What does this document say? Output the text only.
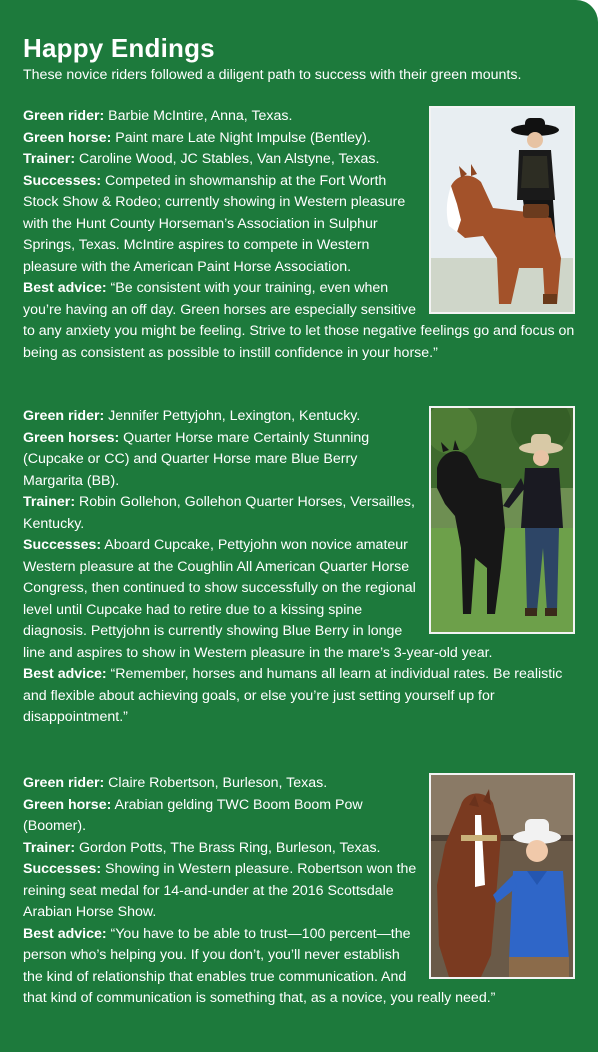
Happy Endings
These novice riders followed a diligent path to success with their green mounts.

Green rider: Barbie McIntire, Anna, Texas.

Green horse: Paint mare Late Night Impulse (Bentley).

Trainer: Caroline Wood, JC Stables, Van Alstyne, Texas.

Successes: Competed in showmanship at the Fort Worth Stock Show & Rodeo; currently showing in Western pleasure with the Hunt County Horseman’s Association in Sulphur Springs, Texas. McIntire aspires to compete in Western pleasure with the American Paint Horse Association.

Best advice: “Be consistent with your training, even when you’re having an off day. Green horses are especially sensitive to any anxiety you might be feeling. Strive to let those negative feelings go and focus on being as consistent as possible to instill confidence in your horse.”

Green rider: Jennifer Pettyjohn, Lexington, Kentucky.

Green horses: Quarter Horse mare Certainly Stunning (Cupcake or CC) and Quarter Horse mare Blue Berry Margarita (BB).

Trainer: Robin Gollehon, Gollehon Quarter Horses, Versailles, Kentucky.

Successes: Aboard Cupcake, Pettyjohn won novice amateur Western pleasure at the Coughlin All American Quarter Horse Congress, then continued to show successfully on the regional level until Cupcake had to retire due to a kissing spine diagnosis. Pettyjohn is currently showing Blue Berry in longe line and aspires to show in Western pleasure in the mare’s 3-year-old year.

Best advice: “Remember, horses and humans all learn at individual rates. Be realistic and flexible about achieving goals, or else you’re just setting yourself up for disappointment.”

Green rider: Claire Robertson, Burleson, Texas.

Green horse: Arabian gelding TWC Boom Boom Pow (Boomer).

Trainer: Gordon Potts, The Brass Ring, Burleson, Texas.

Successes: Showing in Western pleasure. Robertson won the reining seat medal for 14-and-under at the 2016 Scottsdale Arabian Horse Show.

Best advice: “You have to be able to trust—100 percent—the person who’s helping you. If you don’t, you’ll never establish the kind of relationship that enables true communication. And that kind of communication is something that, as a novice, you really need.”
